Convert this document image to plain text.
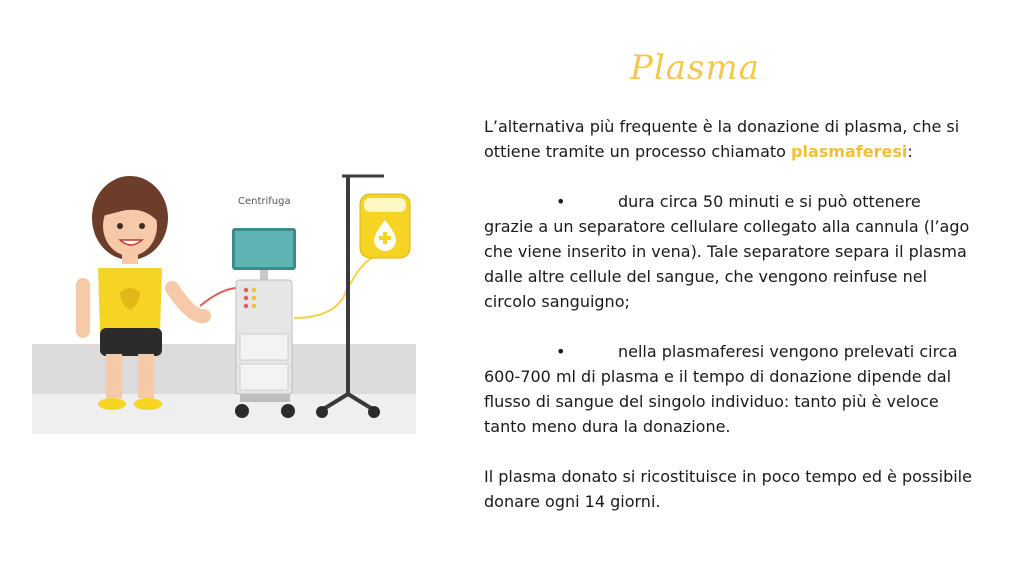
Centrifuga
Plasma

L’alternativa più frequente è la donazione di plasma, che si ottiene tramite un processo chiamato plasmaferesi:

•	dura circa 50 minuti e si può ottenere

grazie a un separatore cellulare collegato alla cannula (l’ago che viene inserito in vena). Tale separatore separa il plasma dalle altre cellule del sangue, che vengono reinfuse nel circolo sanguigno;

•	nella plasmaferesi vengono prelevati circa

600-700 ml di plasma e il tempo di donazione dipende dal flusso di sangue del singolo individuo: tanto più è veloce tanto meno dura la donazione.

Il plasma donato si ricostituisce in poco tempo ed è possibile donare ogni 14 giorni.
